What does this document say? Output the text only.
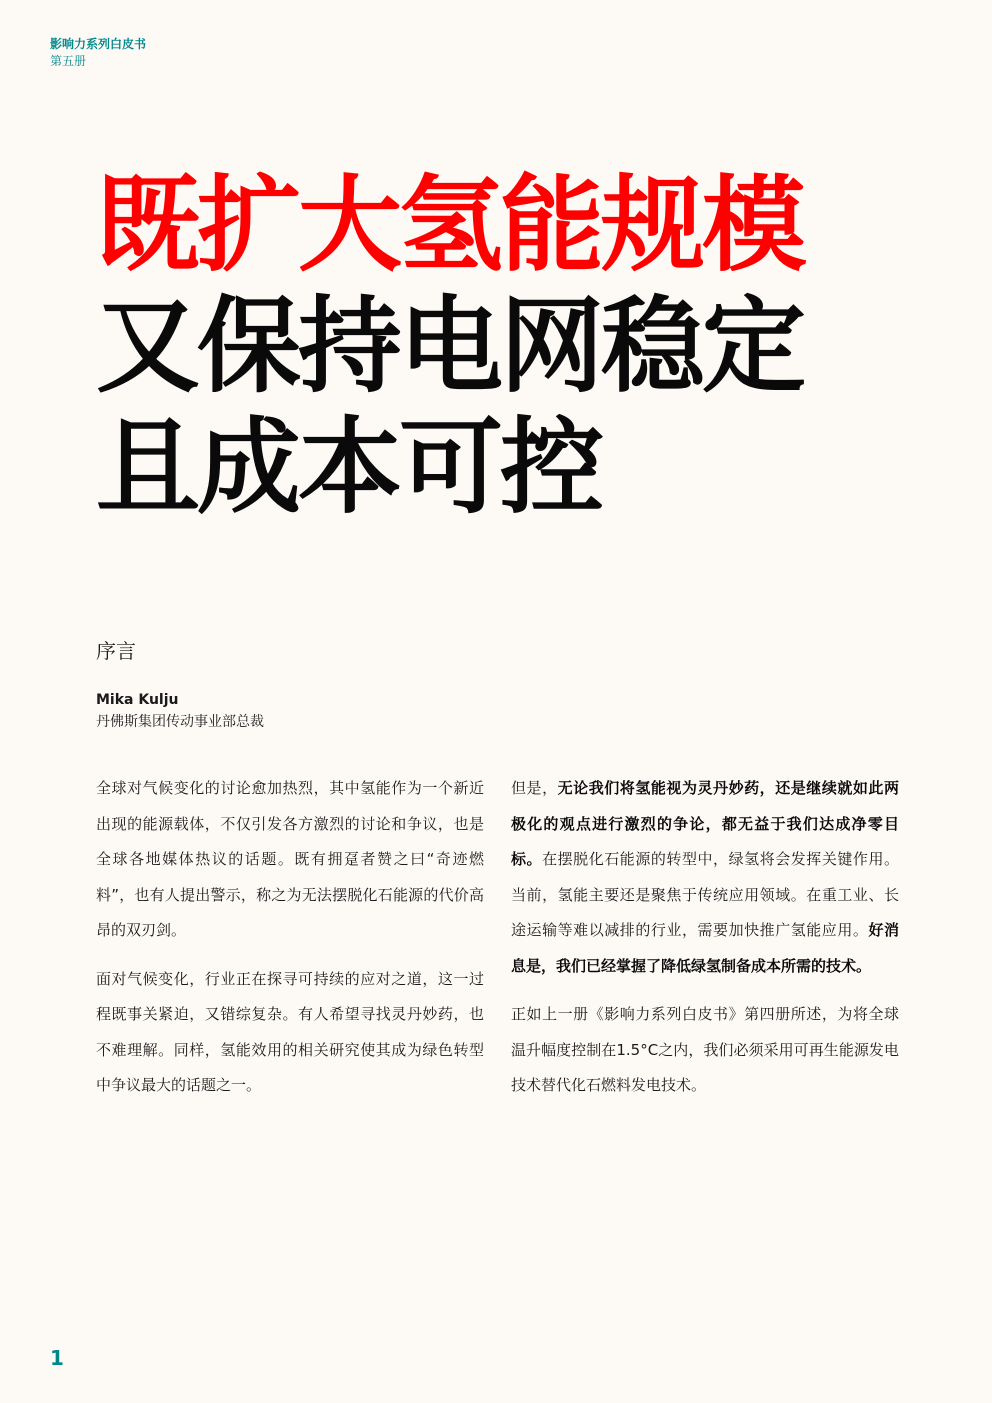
影响力系列白皮书
第五册
既扩大氢能规模
又保持电网稳定
且成本可控
序言
Mika Kulju
丹佛斯集团传动事业部总裁

全球对气候变化的讨论愈加热烈，其中氢能作为一个新近出现的能源载体，不仅引发各方激烈的讨论和争议，也是全球各地媒体热议的话题。既有拥趸者赞之曰“奇迹燃料”，也有人提出警示，称之为无法摆脱化石能源的代价高昂的双刃剑。

面对气候变化，行业正在探寻可持续的应对之道，这一过程既事关紧迫，又错综复杂。有人希望寻找灵丹妙药，也不难理解。同样，氢能效用的相关研究使其成为绿色转型中争议最大的话题之一。

但是，无论我们将氢能视为灵丹妙药，还是继续就如此两极化的观点进行激烈的争论，都无益于我们达成净零目标。在摆脱化石能源的转型中，绿氢将会发挥关键作用。当前，氢能主要还是聚焦于传统应用领域。在重工业、长途运输等难以减排的行业，需要加快推广氢能应用。好消息是，我们已经掌握了降低绿氢制备成本所需的技术。

正如上一册《影响力系列白皮书》第四册所述，为将全球温升幅度控制在1.5°C之内，我们必须采用可再生能源发电技术替代化石燃料发电技术。

1
